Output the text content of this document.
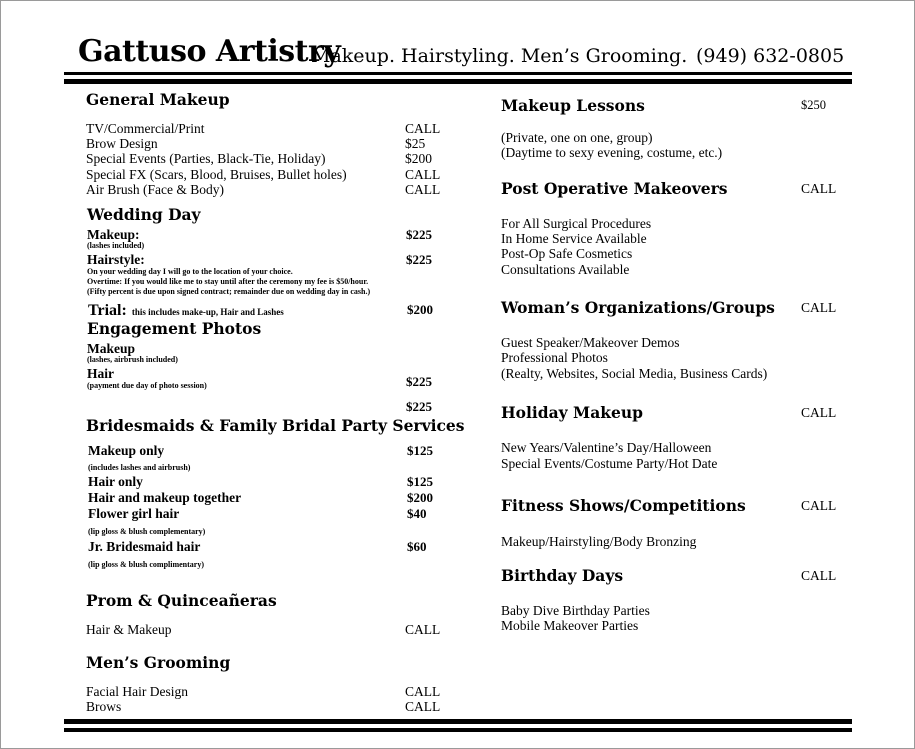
Gattuso Artistry
Makeup. Hairstyling. Men’s Grooming. (949) 632-0805
General Makeup
TV/Commercial/Print	CALL
Brow Design	$25
Special Events (Parties, Black-Tie, Holiday)	$200
Special FX (Scars, Blood, Bruises, Bullet holes)	CALL
Air Brush (Face & Body)	CALL
Wedding Day
Makeup:	$225
(lashes included)
Hairstyle:	$225
On your wedding day I will go to the location of your choice.
Overtime: If you would like me to stay until after the ceremony my fee is $50/hour.
(Fifty percent is due upon signed contract; remainder due on wedding day in cash.)
Trial: this includes make-up, Hair and Lashes	$200
Engagement Photos
Makeup
(lashes, airbrush included)
Hair
(payment due day of photo session)	$225
$225
Bridesmaids & Family Bridal Party Services
Makeup only	$125
(includes lashes and airbrush)
Hair only	$125
Hair and makeup together	$200
Flower girl hair	$40
(lip gloss & blush complementary)
Jr. Bridesmaid hair	$60
(lip gloss & blush complimentary)
Prom & Quinceañeras
Hair & Makeup	CALL
Men’s Grooming
Facial Hair Design	CALL
Brows	CALL
Makeup Lessons	$250
(Private, one on one, group)
(Daytime to sexy evening, costume, etc.)
Post Operative Makeovers	CALL
For All Surgical Procedures
In Home Service Available
Post-Op Safe Cosmetics
Consultations Available
Woman’s Organizations/Groups CALL
Guest Speaker/Makeover Demos
Professional Photos
(Realty, Websites, Social Media, Business Cards)
Holiday Makeup	CALL
New Years/Valentine’s Day/Halloween
Special Events/Costume Party/Hot Date
Fitness Shows/Competitions	CALL
Makeup/Hairstyling/Body Bronzing
Birthday Days	CALL
Baby Dive Birthday Parties
Mobile Makeover Parties
